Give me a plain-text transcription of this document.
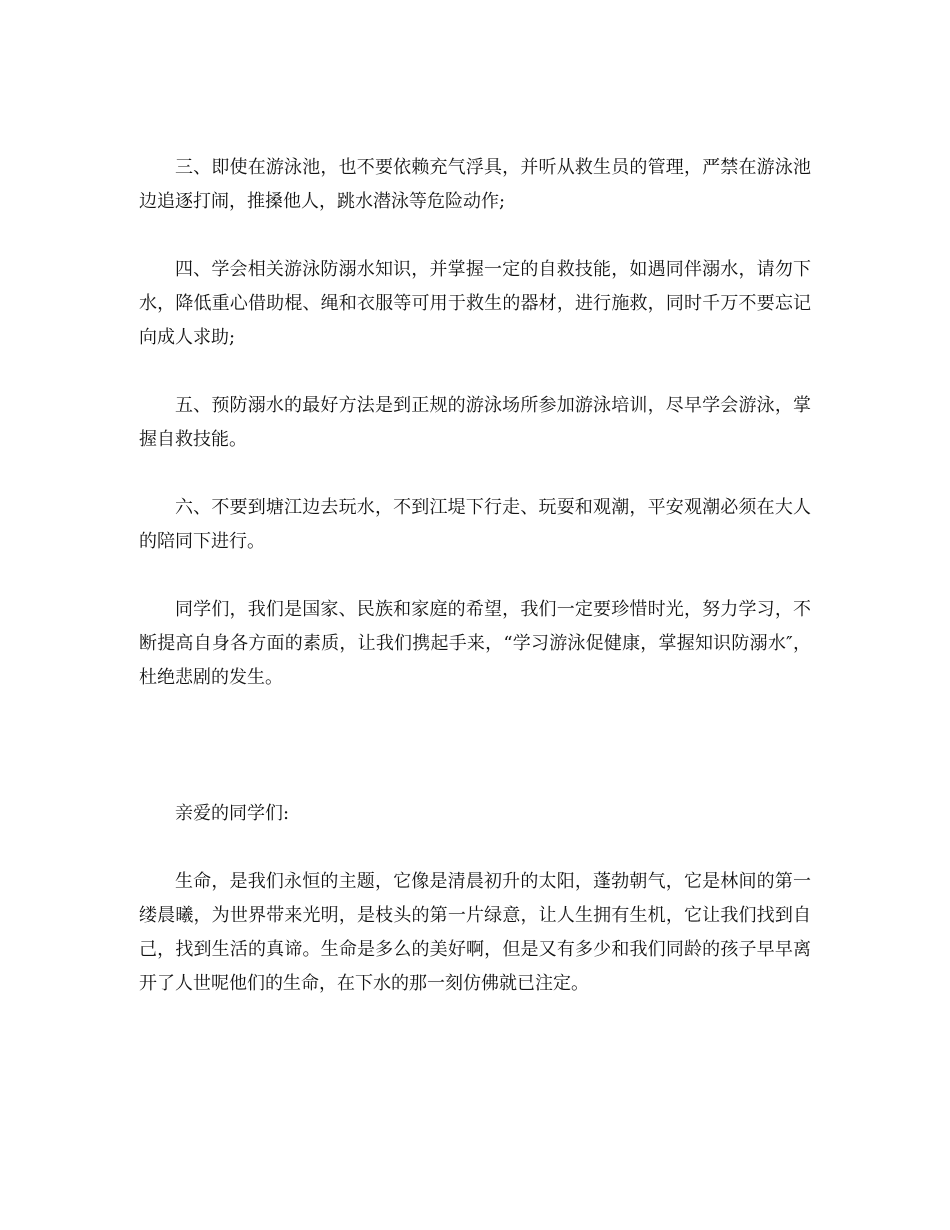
三、即使在游泳池，也不要依赖充气浮具，并听从救生员的管理，严禁在游泳池边追逐打闹，推搡他人，跳水潜泳等危险动作;

四、学会相关游泳防溺水知识，并掌握一定的自救技能，如遇同伴溺水，请勿下水，降低重心借助棍、绳和衣服等可用于救生的器材，进行施救，同时千万不要忘记向成人求助;

五、预防溺水的最好方法是到正规的游泳场所参加游泳培训，尽早学会游泳，掌握自救技能。

六、不要到塘江边去玩水，不到江堤下行走、玩耍和观潮，平安观潮必须在大人的陪同下进行。

同学们，我们是国家、民族和家庭的希望，我们一定要珍惜时光，努力学习，不断提高自身各方面的素质，让我们携起手来，“学习游泳促健康，掌握知识防溺水″，杜绝悲剧的发生。

亲爱的同学们:

生命，是我们永恒的主题，它像是清晨初升的太阳，蓬勃朝气，它是林间的第一缕晨曦，为世界带来光明，是枝头的第一片绿意，让人生拥有生机，它让我们找到自己，找到生活的真谛。生命是多么的美好啊，但是又有多少和我们同龄的孩子早早离开了人世呢他们的生命，在下水的那一刻仿佛就已注定。
